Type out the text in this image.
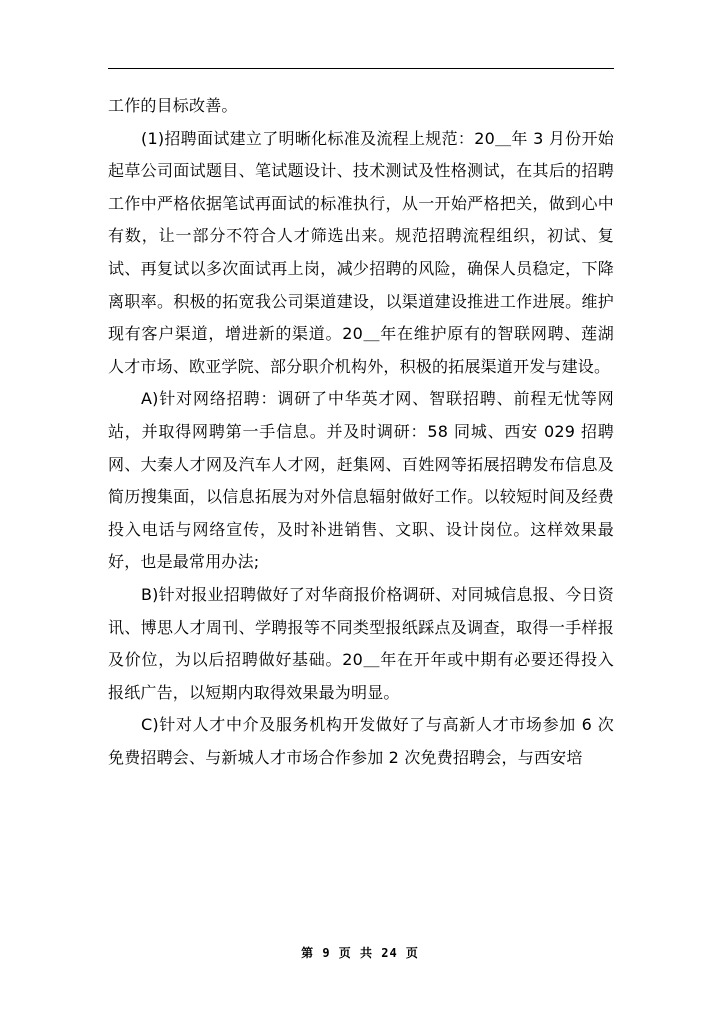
工作的目标改善。

(1)招聘面试建立了明晰化标准及流程上规范：20＿年 3 月份开始起草公司面试题目、笔试题设计、技术测试及性格测试，在其后的招聘工作中严格依据笔试再面试的标准执行，从一开始严格把关，做到心中有数，让一部分不符合人才筛选出来。规范招聘流程组织，初试、复试、再复试以多次面试再上岗，减少招聘的风险，确保人员稳定，下降离职率。积极的拓宽我公司渠道建设，以渠道建设推进工作进展。维护现有客户渠道，增进新的渠道。20＿年在维护原有的智联网聘、莲湖人才市场、欧亚学院、部分职介机构外，积极的拓展渠道开发与建设。

A)针对网络招聘：调研了中华英才网、智联招聘、前程无忧等网站，并取得网聘第一手信息。并及时调研：58 同城、西安 029 招聘网、大秦人才网及汽车人才网，赶集网、百姓网等拓展招聘发布信息及简历搜集面，以信息拓展为对外信息辐射做好工作。以较短时间及经费投入电话与网络宣传，及时补进销售、文职、设计岗位。这样效果最好，也是最常用办法;

B)针对报业招聘做好了对华商报价格调研、对同城信息报、今日资讯、博思人才周刊、学聘报等不同类型报纸踩点及调查，取得一手样报及价位，为以后招聘做好基础。20＿年在开年或中期有必要还得投入报纸广告，以短期内取得效果最为明显。

C)针对人才中介及服务机构开发做好了与高新人才市场参加 6 次免费招聘会、与新城人才市场合作参加 2 次免费招聘会，与西安培

第 9 页 共 24 页
